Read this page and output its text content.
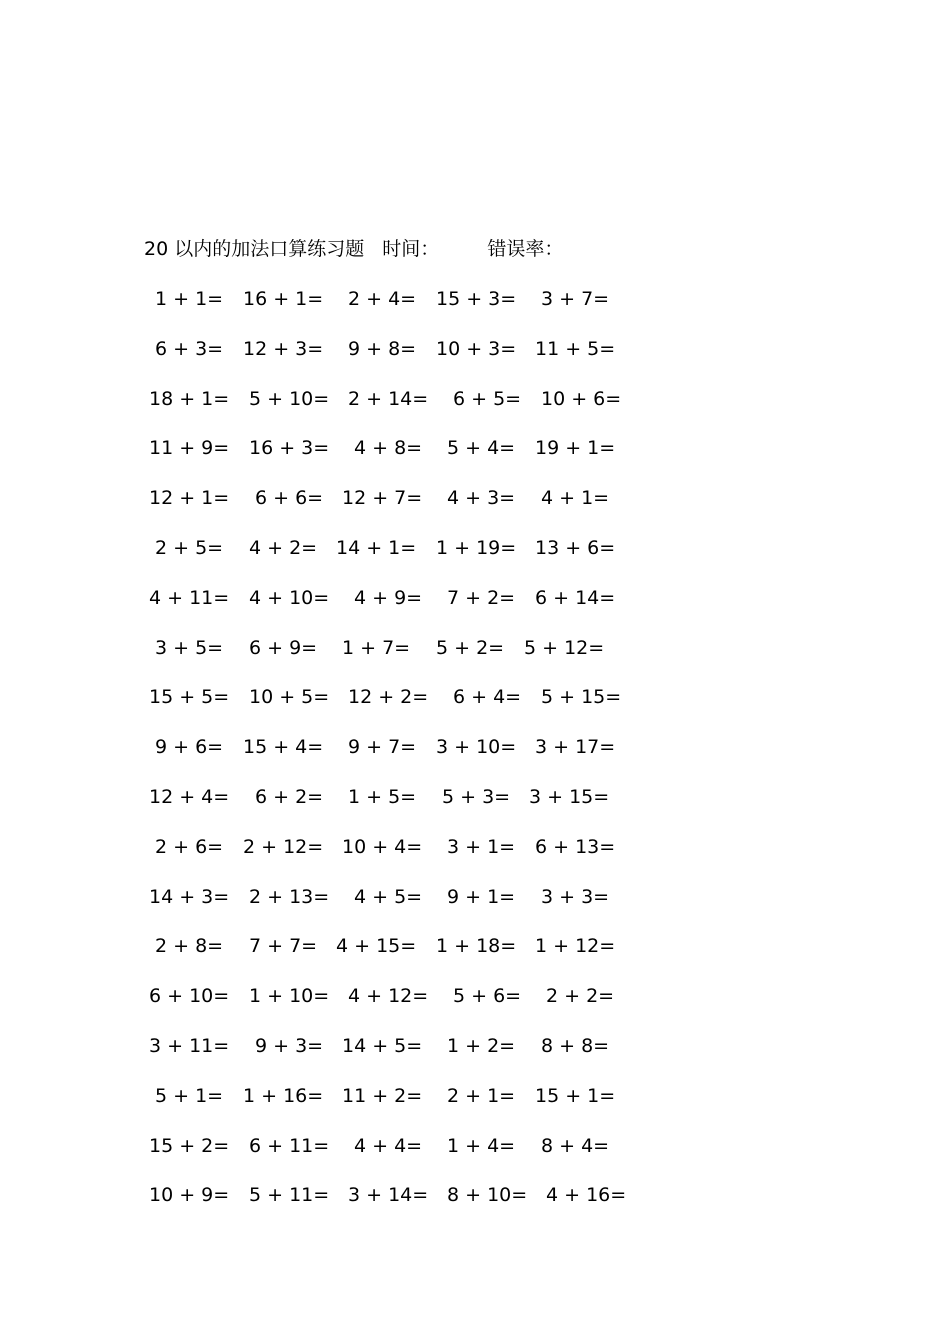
20 以内的加法口算练习题 时间：	错误率：
1 + 1= 16 + 1= 2 + 4= 15 + 3= 3 + 7=
6 + 3= 12 + 3= 9 + 8= 10 + 3= 11 + 5=
18 + 1= 5 + 10= 2 + 14= 6 + 5= 10 + 6=
11 + 9= 16 + 3= 4 + 8= 5 + 4= 19 + 1=
12 + 1= 6 + 6= 12 + 7= 4 + 3= 4 + 1=
2 + 5= 4 + 2= 14 + 1= 1 + 19= 13 + 6=
4 + 11= 4 + 10= 4 + 9= 7 + 2= 6 + 14=
3 + 5= 6 + 9= 1 + 7= 5 + 2= 5 + 12=
15 + 5= 10 + 5= 12 + 2= 6 + 4= 5 + 15=
9 + 6= 15 + 4= 9 + 7= 3 + 10= 3 + 17=
12 + 4= 6 + 2= 1 + 5= 5 + 3= 3 + 15=
2 + 6= 2 + 12= 10 + 4= 3 + 1= 6 + 13=
14 + 3= 2 + 13= 4 + 5= 9 + 1= 3 + 3=
2 + 8= 7 + 7= 4 + 15= 1 + 18= 1 + 12=
6 + 10= 1 + 10= 4 + 12= 5 + 6= 2 + 2=
3 + 11= 9 + 3= 14 + 5= 1 + 2= 8 + 8=
5 + 1= 1 + 16= 11 + 2= 2 + 1= 15 + 1=
15 + 2= 6 + 11= 4 + 4= 1 + 4= 8 + 4=
10 + 9= 5 + 11= 3 + 14= 8 + 10= 4 + 16=
